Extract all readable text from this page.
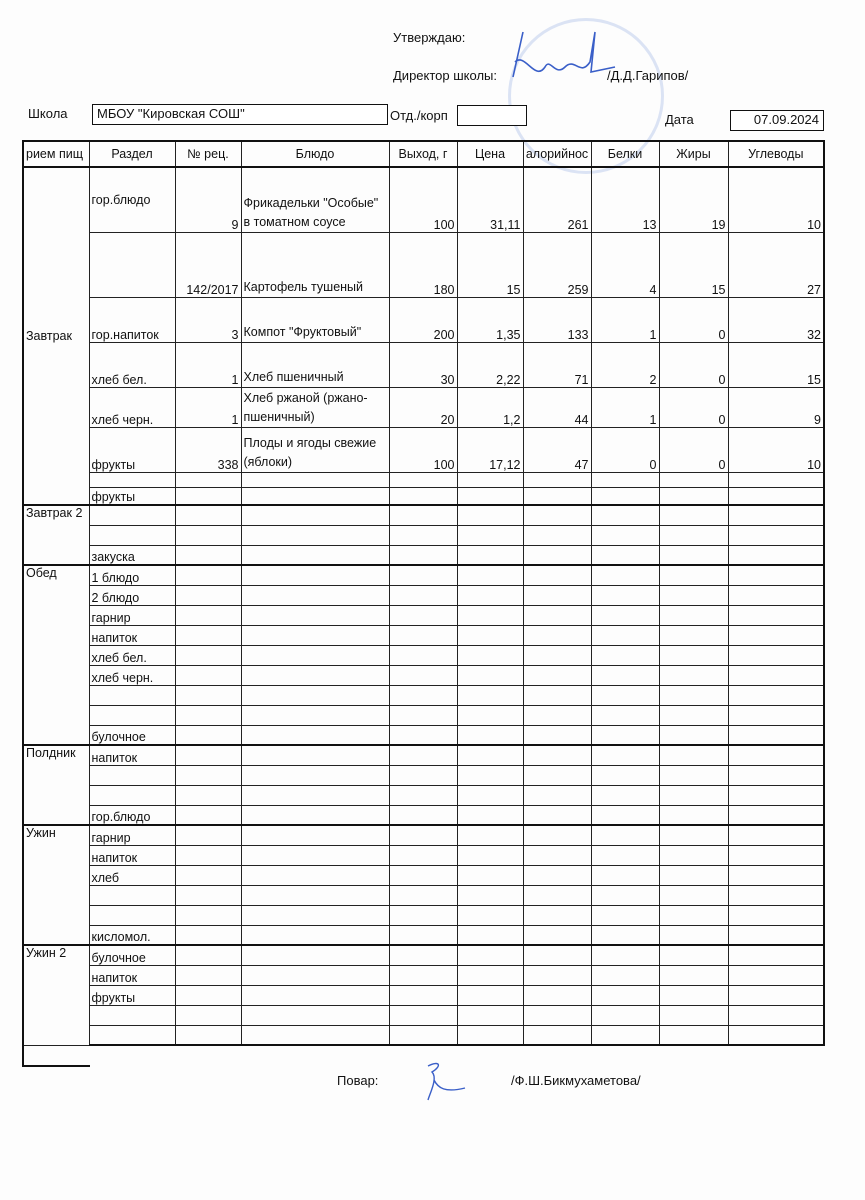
Утверждаю:
Директор школы:	/Д.Д.Гарипов/
Школа	МБОУ "Кировская СОШ"	Отд./корп	Дата	07.09.2024
рием пищ	Раздел	№ рец.	Блюдо	Выход, г	Цена	алорийнос	Белки	Жиры	Углеводы
Завтрак	гор.блюдо	9	Фрикадельки "Особые" в томатном соусе	100	31,11	261	13	19	10
		142/2017	Картофель тушеный	180	15	259	4	15	27
	гор.напиток	3	Компот "Фруктовый"	200	1,35	133	1	0	32
	хлеб бел.	1	Хлеб пшеничный	30	2,22	71	2	0	15
	хлеб черн.	1	Хлеб ржаной (ржано-пшеничный)	20	1,2	44	1	0	9
	фрукты	338	Плоды и ягоды свежие (яблоки)	100	17,12	47	0	0	10

	фрукты								
Завтрак 2									

	закуска								
Обед	1 блюдо								
	2 блюдо								
	гарнир								
	напиток								
	хлеб бел.								
	хлеб черн.								

	булочное								
Полдник	напиток								

	гор.блюдо								
Ужин	гарнир								
	напиток								
	хлеб								

	кисломол.								
Ужин 2	булочное								
	напиток								
	фрукты								

Повар:	/Ф.Ш.Бикмухаметова/
